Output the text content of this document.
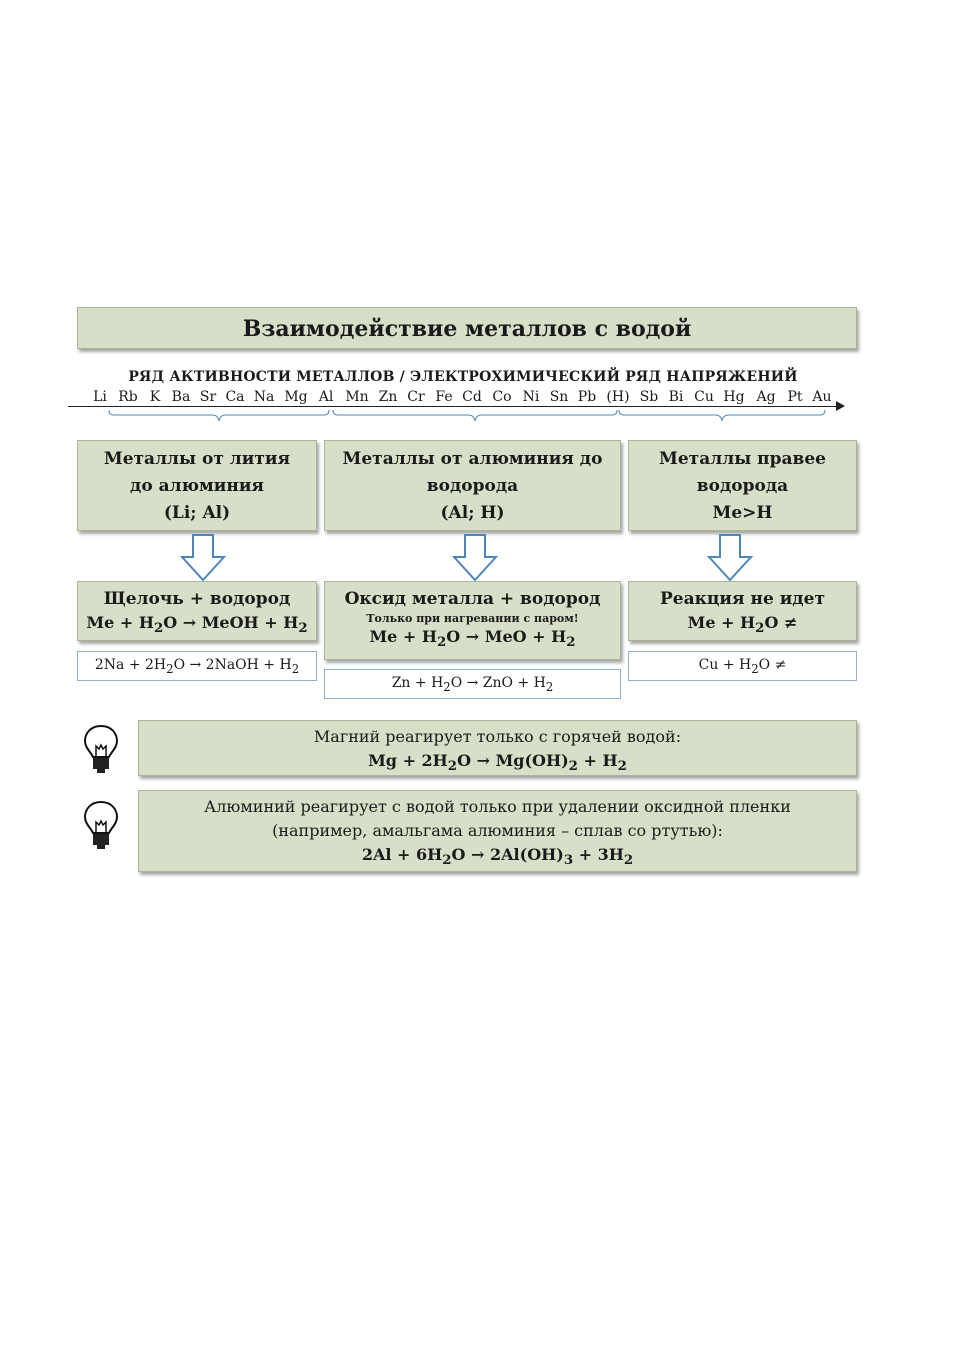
Взаимодействие металлов с водой
РЯД АКТИВНОСТИ МЕТАЛЛОВ / ЭЛЕКТРОХИМИЧЕСКИЙ РЯД НАПРЯЖЕНИЙ
Li Rb K Ba Sr Ca Na Mg Al Mn Zn Cr Fe Cd Co Ni Sn Pb (H) Sb Bi Cu Hg Ag Pt Au
Металлы от лития
до алюминия
(Li; Al)
Металлы от алюминия до
водорода
(Al; H)
Металлы правее
водорода
Me>H
Щелочь + водород
$Me + H_2O$ → MeOH + $H_2$
Оксид металла + водород
Только при нагревании с паром!
$Me + H_2O$ → MeO + $H_2$
Реакция не идет
$Me + H_2O$ ≠
$2Na + 2H_2O$ → 2NaOH + $H_2$
$Zn + H_2O$ → ZnO + $H_2$
$Cu + H_2O$ ≠
Магний реагирует только с горячей водой:
$Mg + 2H_2O \to Mg(OH)_2 + H_2$
Алюминий реагирует с водой только при удалении оксидной пленки
(например, амальгама алюминия – сплав со ртутью):
$2Al + 6H_2O \to 2Al(OH)_3 + 3H_2$
